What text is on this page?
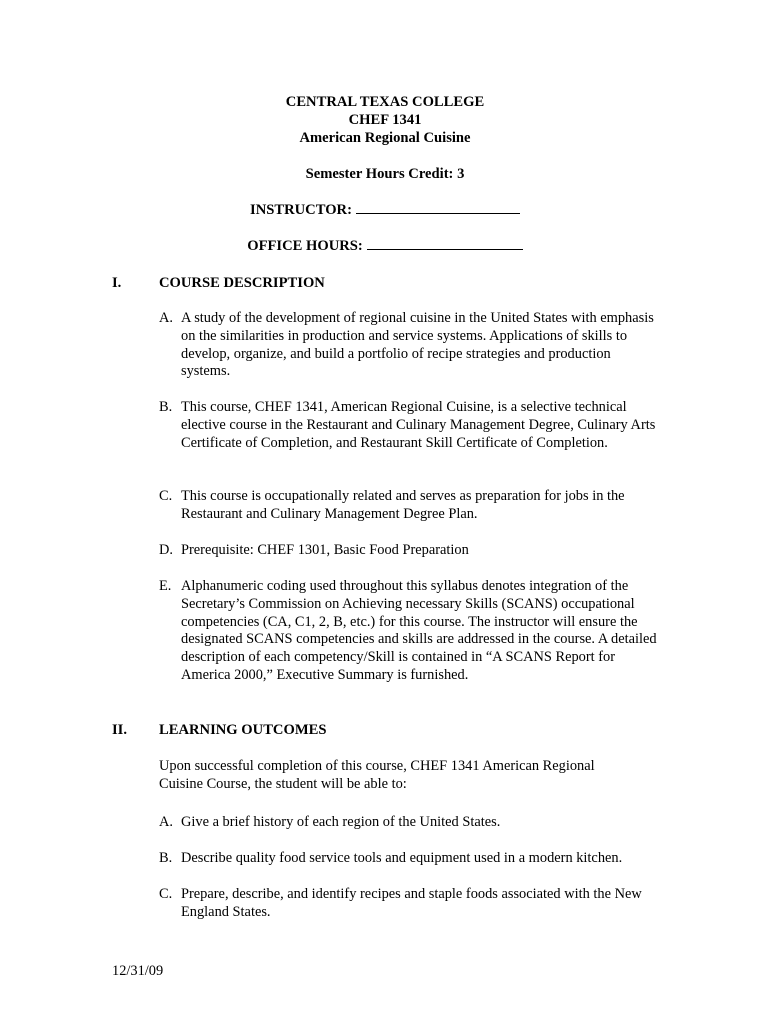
CENTRAL TEXAS COLLEGE
CHEF 1341
American Regional Cuisine
Semester Hours Credit: 3
INSTRUCTOR:
OFFICE HOURS:
I.	COURSE DESCRIPTION
A. A study of the development of regional cuisine in the United States with emphasis on the similarities in production and service systems. Applications of skills to develop, organize, and build a portfolio of recipe strategies and production systems.
B. This course, CHEF 1341, American Regional Cuisine, is a selective technical elective course in the Restaurant and Culinary Management Degree, Culinary Arts Certificate of Completion, and Restaurant Skill Certificate of Completion.
C. This course is occupationally related and serves as preparation for jobs in the Restaurant and Culinary Management Degree Plan.
D. Prerequisite: CHEF 1301, Basic Food Preparation
E. Alphanumeric coding used throughout this syllabus denotes integration of the Secretary’s Commission on Achieving necessary Skills (SCANS) occupational competencies (CA, C1, 2, B, etc.) for this course. The instructor will ensure the designated SCANS competencies and skills are addressed in the course. A detailed description of each competency/Skill is contained in “A SCANS Report for America 2000,” Executive Summary is furnished.
II. LEARNING OUTCOMES
Upon successful completion of this course, CHEF 1341 American Regional Cuisine Course, the student will be able to:
A. Give a brief history of each region of the United States.
B. Describe quality food service tools and equipment used in a modern kitchen.
C. Prepare, describe, and identify recipes and staple foods associated with the New England States.
12/31/09
